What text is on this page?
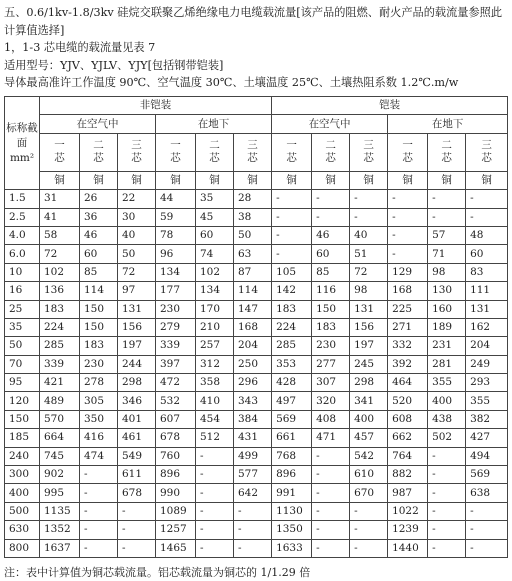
五、0.6/1kv-1.8/3kv 硅烷交联聚乙烯绝缘电力电缆载流量[该产品的阻燃、耐火产品的载流量参照此计算值选择]
1，1-3 芯电缆的载流量见表 7
适用型号：YJV、YJLV、YJY[包括钢带铠装]
导体最高准许工作温度 90℃、空气温度 30℃、土壤温度 25℃、土壤热阻系数 1.2℃.m/w
标称截
面
mm²	非铠装						铠装					
	在空气中			在地下			在空气中			在地下		
	一芯	二芯	三芯	一芯	二芯	三芯	一芯	二芯	三芯	一芯	二芯	三芯
	铜	铜	铜	铜	铜	铜	铜	铜	铜	铜	铜	铜
1.5	31	26	22	44	35	28	-	-	-	-	-	-
2.5	41	36	30	59	45	38	-	-	-	-	-	-
4.0	58	46	40	78	60	50	-	46	40	-	57	48
6.0	72	60	50	96	74	63	-	60	51	-	71	60
10	102	85	72	134	102	87	105	85	72	129	98	83
16	136	114	97	177	134	114	142	116	98	168	130	111
25	183	150	131	230	170	147	183	150	131	225	160	131
35	224	150	156	279	210	168	224	183	156	271	189	162
50	285	183	197	339	257	204	285	230	197	332	231	204
70	339	230	244	397	312	250	353	277	245	392	281	249
95	421	278	298	472	358	296	428	307	298	464	355	293
120	489	305	346	532	410	343	497	320	341	520	400	355
150	570	350	401	607	454	384	569	408	400	608	438	382
185	664	416	461	678	512	431	661	471	457	662	502	427
240	745	474	549	760	-	499	768	-	542	764	-	494
300	902	-	611	896	-	577	896	-	610	882	-	569
400	995	-	678	990	-	642	991	-	670	987	-	638
500	1135	-	-	1089	-	-	1130	-	-	1022	-	-
630	1352	-	-	1257	-	-	1350	-	-	1239	-	-
800	1637	-	-	1465	-	-	1633	-	-	1440	-	-
注：表中计算值为铜芯载流量。铝芯载流量为铜芯的 1/1.29 倍
